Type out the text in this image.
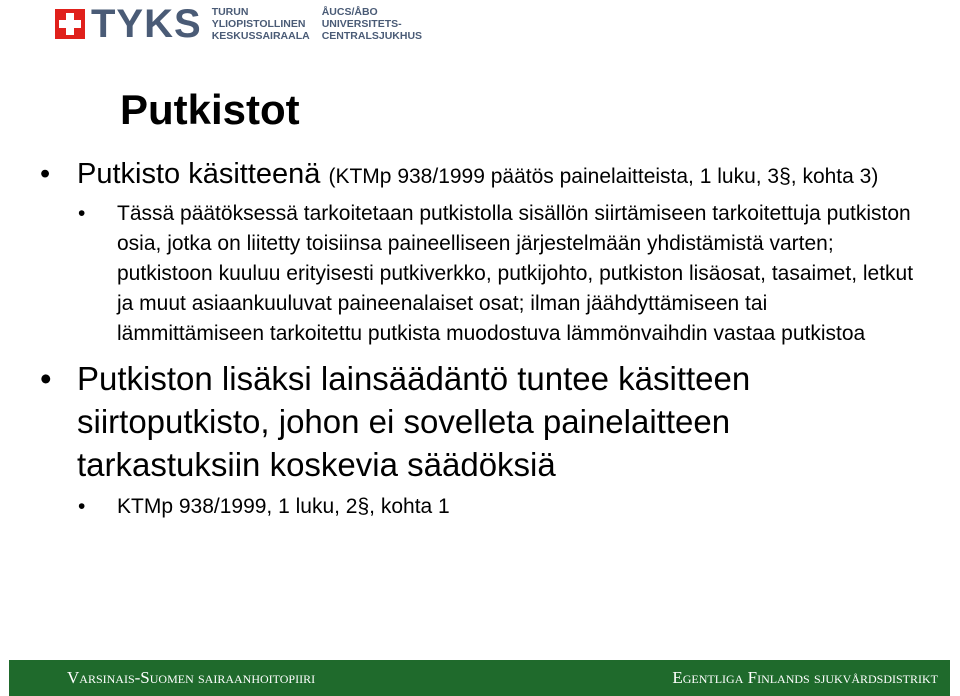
TYKS TURUN
YLIOPISTOLLINEN
KESKUSSAIRAALA
ÅUCS/ÅBO
UNIVERSITETS-
CENTRALSJUKHUS
Putkistot
• Putkisto käsitteenä (KTMp 938/1999 päätös painelaitteista, 1 luku, 3§, kohta 3)
• Tässä päätöksessä tarkoitetaan putkistolla sisällön siirtämiseen tarkoitettuja putkiston osia, jotka on liitetty toisiinsa paineelliseen järjestelmään yhdistämistä varten; putkistoon kuuluu erityisesti putkiverkko, putkijohto, putkiston lisäosat, tasaimet, letkut ja muut asiaankuuluvat paineenalaiset osat; ilman jäähdyttämiseen tai lämmittämiseen tarkoitettu putkista muodostuva lämmönvaihdin vastaa putkistoa
• Putkiston lisäksi lainsäädäntö tuntee käsitteen siirtoputkisto, johon ei sovelleta painelaitteen tarkastuksiin koskevia säädöksiä
• KTMp 938/1999, 1 luku, 2§, kohta 1
Varsinais-Suomen sairaanhoitopiiri	Egentliga Finlands sjukvårdsdistrikt
